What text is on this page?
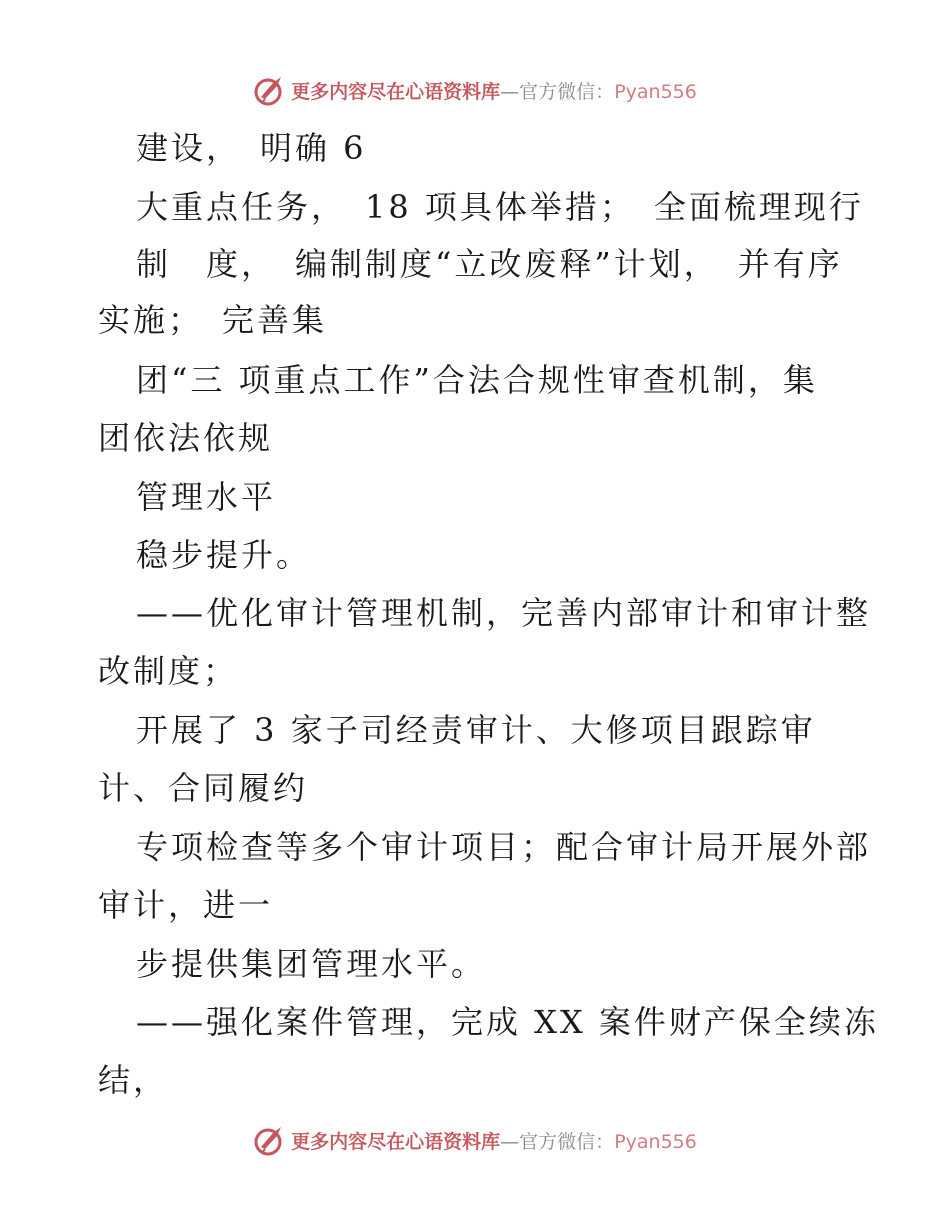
更多内容尽在心语资料库—官方微信：Pyan556
建设，　明确 6
大重点任务，　18 项具体举措；　全面梳理现行
制　度，　编制制度“立改废释”计划，　并有序
实施；　完善集
团“三 项重点工作”合法合规性审查机制，集
团依法依规
管理水平
稳步提升。
——优化审计管理机制，完善内部审计和审计整
改制度；
开展了 3 家子司经责审计、大修项目跟踪审
计、合同履约
专项检查等多个审计项目；配合审计局开展外部
审计，进一
步提供集团管理水平。
——强化案件管理，完成 XX 案件财产保全续冻
结，
更多内容尽在心语资料库—官方微信：Pyan556
